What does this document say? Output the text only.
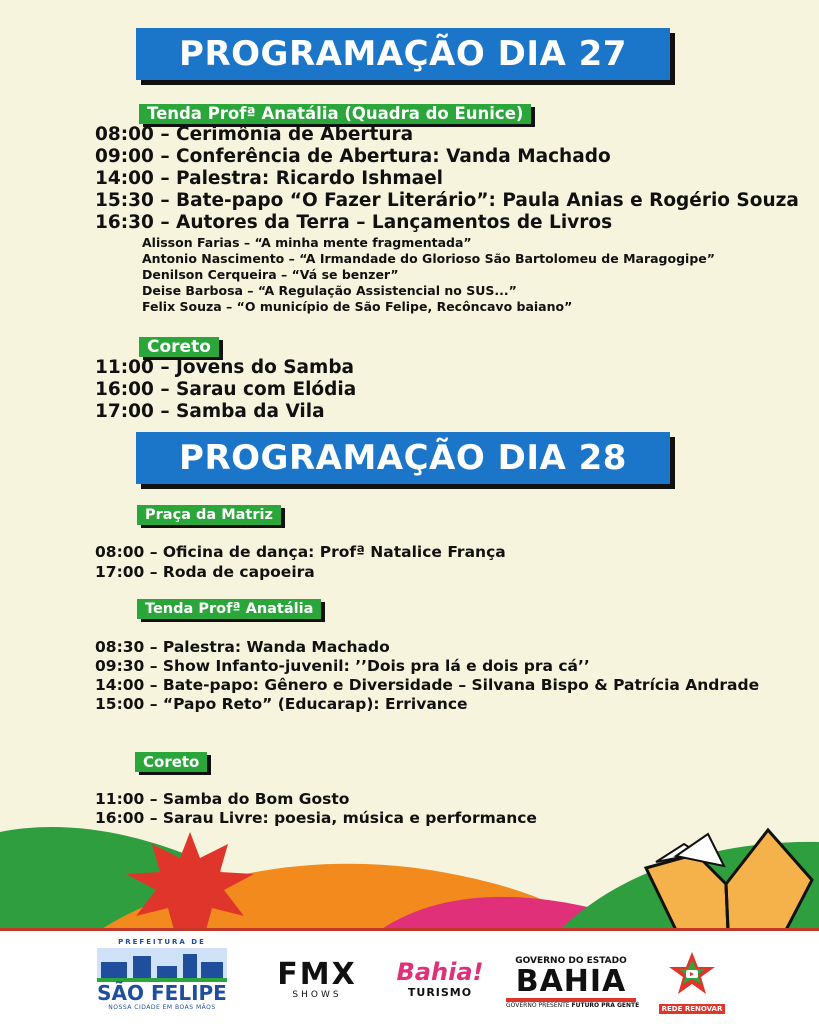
PROGRAMAÇÃO DIA 27
Tenda Profª Anatália (Quadra do Eunice)
08:00 – Cerimônia de Abertura
09:00 – Conferência de Abertura: Vanda Machado
14:00 – Palestra: Ricardo Ishmael
15:30 – Bate-papo “O Fazer Literário”: Paula Anias e Rogério Souza
16:30 – Autores da Terra – Lançamentos de Livros
Alisson Farias – “A minha mente fragmentada”
Antonio Nascimento – “A Irmandade do Glorioso São Bartolomeu de Maragogipe”
Denilson Cerqueira – “Vá se benzer”
Deise Barbosa – “A Regulação Assistencial no SUS...”
Felix Souza – “O município de São Felipe, Recôncavo baiano”
Coreto
11:00 – Jovens do Samba
16:00 – Sarau com Elódia
17:00 – Samba da Vila
PROGRAMAÇÃO DIA 28
Praça da Matriz
08:00 – Oficina de dança: Profª Natalice França
17:00 – Roda de capoeira
Tenda Profª Anatália
08:30 – Palestra: Wanda Machado
09:30 – Show Infanto-juvenil: ’’Dois pra lá e dois pra cá’’
14:00 – Bate-papo: Gênero e Diversidade – Silvana Bispo & Patrícia Andrade
15:00 – “Papo Reto” (Educarap): Errivance
Coreto
11:00 – Samba do Bom Gosto
16:00 – Sarau Livre: poesia, música e performance
PREFEITURA DE
SÃO FELIPE
NOSSA CIDADE EM BOAS MÃOS
FMX
SHOWS
Bahia!
TURISMO
GOVERNO DO ESTADO
BAHIA
GOVERNO PRESENTE FUTURO PRA GENTE	REDE RENOVAR
